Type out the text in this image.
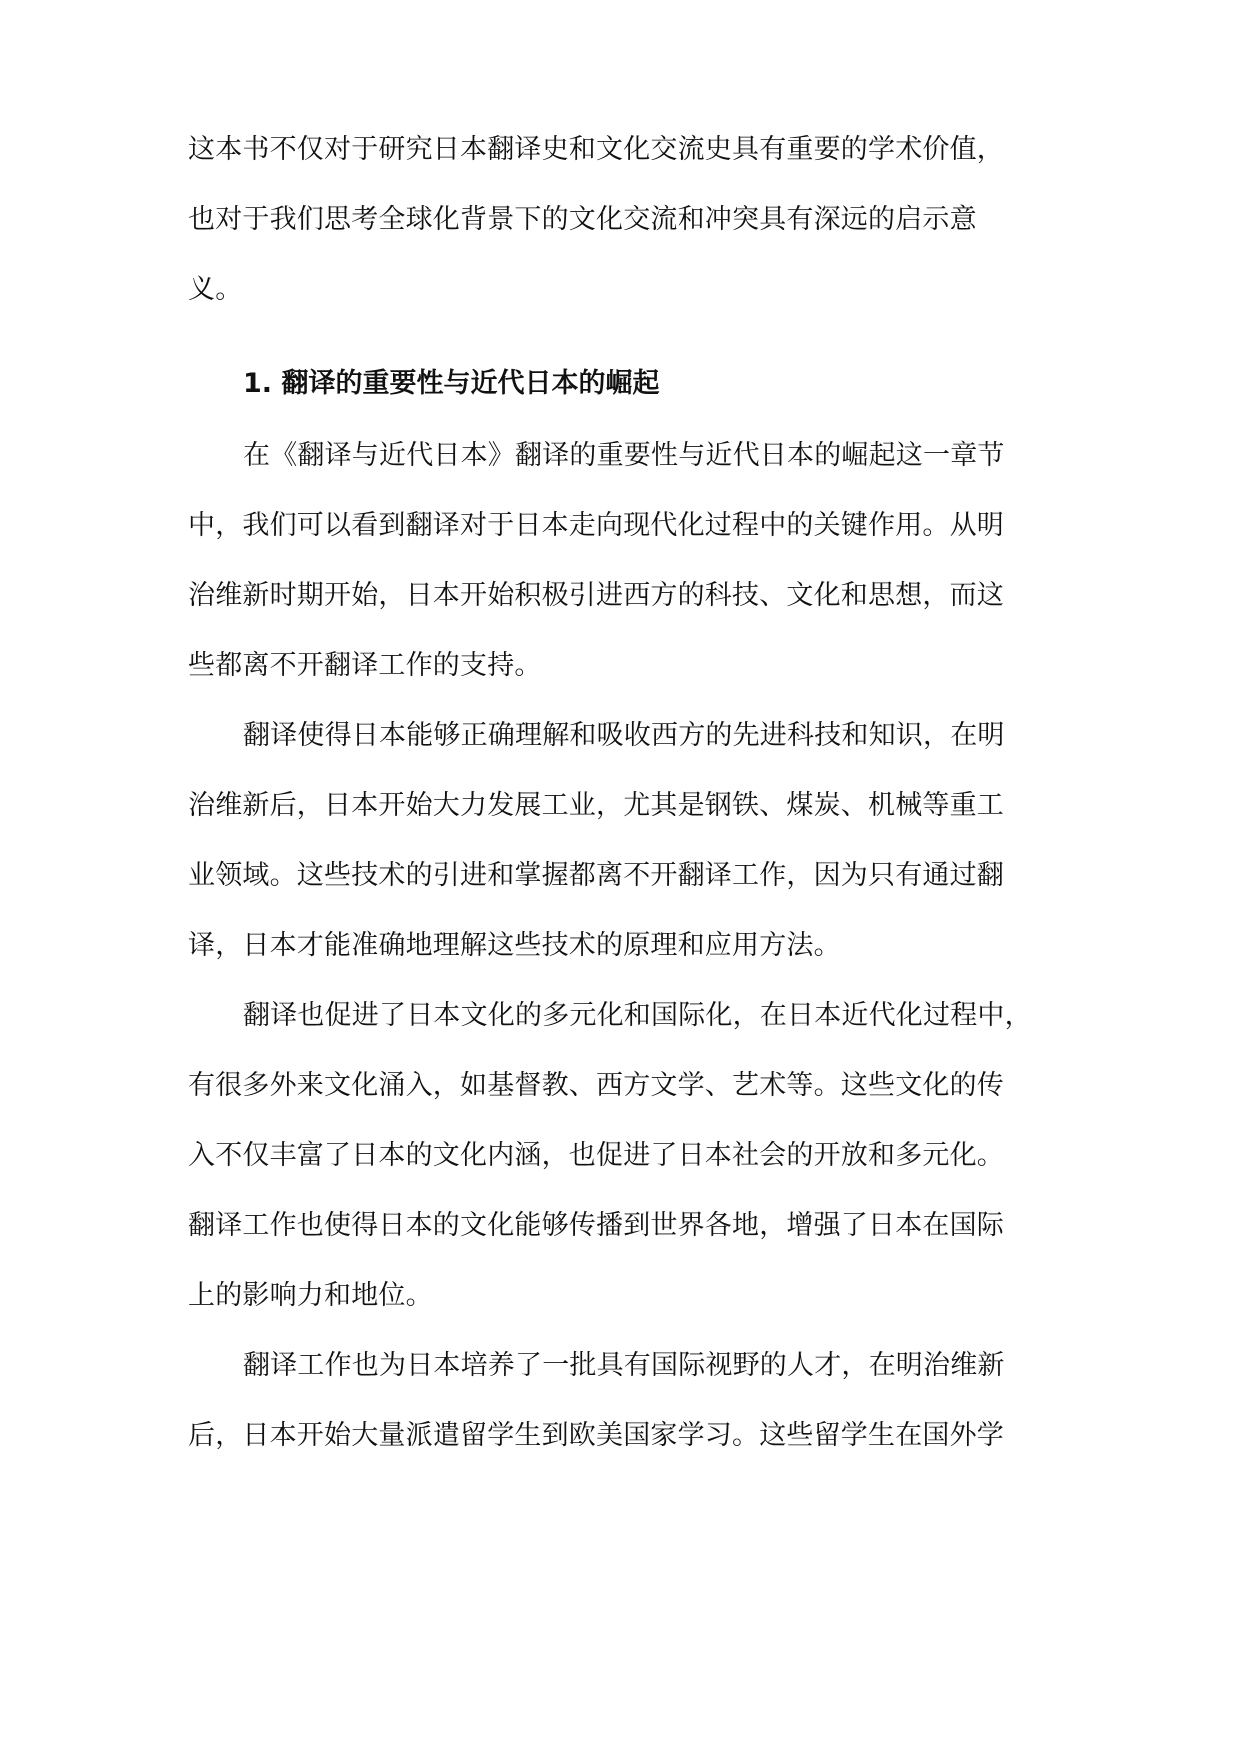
这本书不仅对于研究日本翻译史和文化交流史具有重要的学术价值，
也对于我们思考全球化背景下的文化交流和冲突具有深远的启示意
义。
1. 翻译的重要性与近代日本的崛起
在《翻译与近代日本》翻译的重要性与近代日本的崛起这一章节
中，我们可以看到翻译对于日本走向现代化过程中的关键作用。从明
治维新时期开始，日本开始积极引进西方的科技、文化和思想，而这
些都离不开翻译工作的支持。
翻译使得日本能够正确理解和吸收西方的先进科技和知识，在明
治维新后，日本开始大力发展工业，尤其是钢铁、煤炭、机械等重工
业领域。这些技术的引进和掌握都离不开翻译工作，因为只有通过翻
译，日本才能准确地理解这些技术的原理和应用方法。
翻译也促进了日本文化的多元化和国际化，在日本近代化过程中，
有很多外来文化涌入，如基督教、西方文学、艺术等。这些文化的传
入不仅丰富了日本的文化内涵，也促进了日本社会的开放和多元化。
翻译工作也使得日本的文化能够传播到世界各地，增强了日本在国际
上的影响力和地位。
翻译工作也为日本培养了一批具有国际视野的人才，在明治维新
后，日本开始大量派遣留学生到欧美国家学习。这些留学生在国外学
